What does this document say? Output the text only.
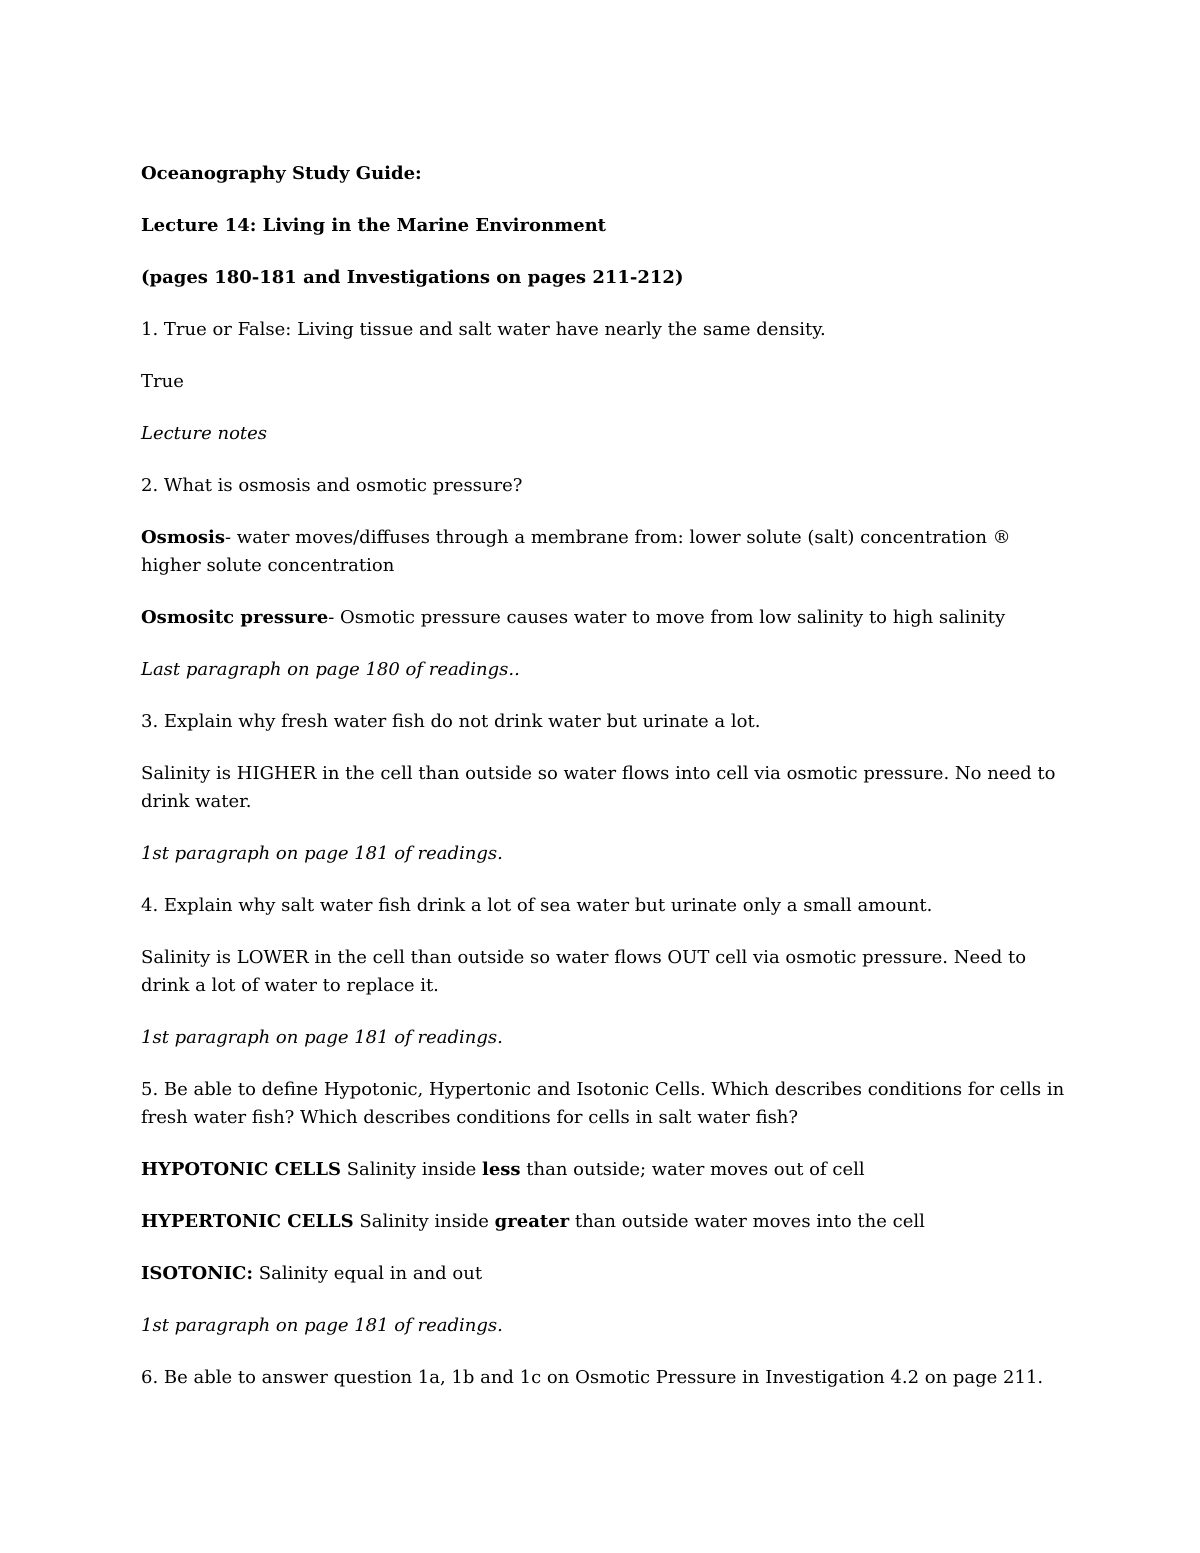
Oceanography Study Guide:

Lecture 14: Living in the Marine Environment

(pages 180-181 and Investigations on pages 211-212)

1. True or False: Living tissue and salt water have nearly the same density.

True

Lecture notes

2. What is osmosis and osmotic pressure?

Osmosis- water moves/diffuses through a membrane from: lower solute (salt) concentration ® higher solute concentration

Osmositc pressure- Osmotic pressure causes water to move from low salinity to high salinity

Last paragraph on page 180 of readings..

3. Explain why fresh water fish do not drink water but urinate a lot.

Salinity is HIGHER in the cell than outside so water flows into cell via osmotic pressure. No need to drink water.

1st paragraph on page 181 of readings.

4. Explain why salt water fish drink a lot of sea water but urinate only a small amount.

Salinity is LOWER in the cell than outside so water flows OUT cell via osmotic pressure. Need to drink a lot of water to replace it.

1st paragraph on page 181 of readings.

5. Be able to define Hypotonic, Hypertonic and Isotonic Cells. Which describes conditions for cells in fresh water fish? Which describes conditions for cells in salt water fish?

HYPOTONIC CELLS Salinity inside less than outside; water moves out of cell

HYPERTONIC CELLS Salinity inside greater than outside water moves into the cell

ISOTONIC: Salinity equal in and out

1st paragraph on page 181 of readings.

6. Be able to answer question 1a, 1b and 1c on Osmotic Pressure in Investigation 4.2 on page 211.
